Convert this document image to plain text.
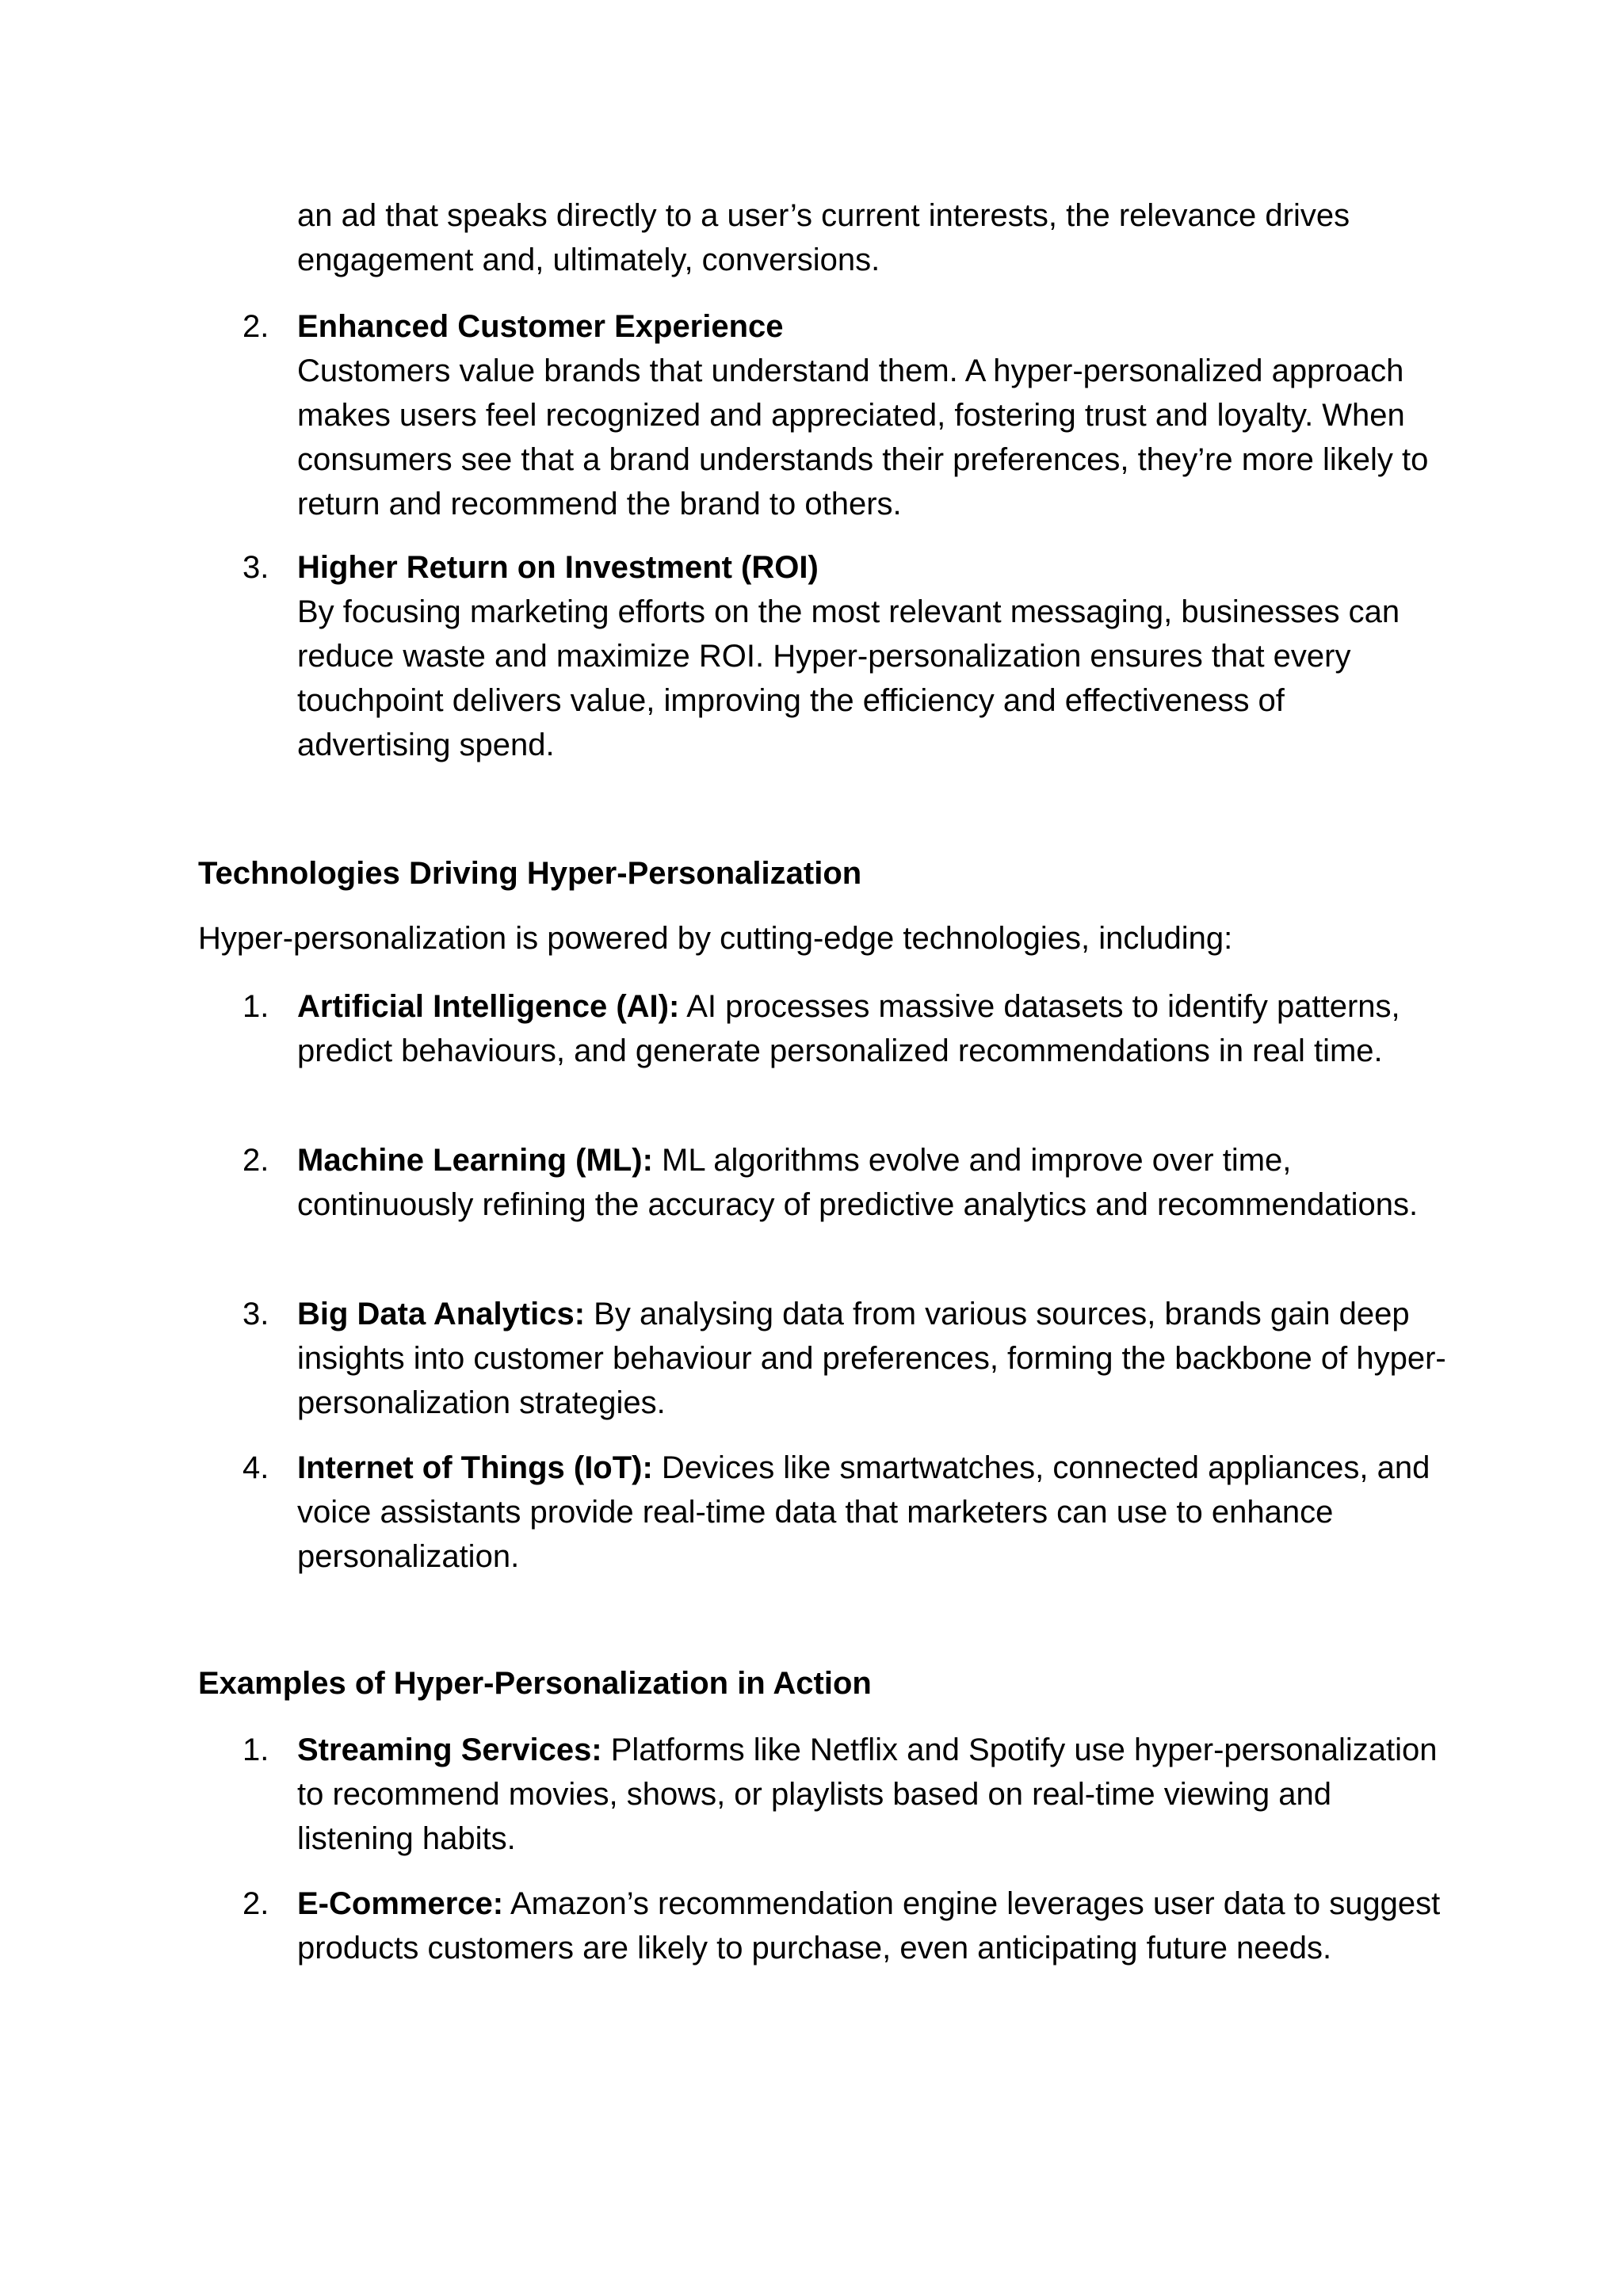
an ad that speaks directly to a user’s current interests, the relevance drives engagement and, ultimately, conversions.
2. Enhanced Customer Experience
Customers value brands that understand them. A hyper-personalized approach makes users feel recognized and appreciated, fostering trust and loyalty. When consumers see that a brand understands their preferences, they’re more likely to return and recommend the brand to others.
3. Higher Return on Investment (ROI)
By focusing marketing efforts on the most relevant messaging, businesses can reduce waste and maximize ROI. Hyper-personalization ensures that every touchpoint delivers value, improving the efficiency and effectiveness of advertising spend.
Technologies Driving Hyper-Personalization

Hyper-personalization is powered by cutting-edge technologies, including:

1. Artificial Intelligence (AI): AI processes massive datasets to identify patterns, predict behaviours, and generate personalized recommendations in real time.
2. Machine Learning (ML): ML algorithms evolve and improve over time, continuously refining the accuracy of predictive analytics and recommendations.
3. Big Data Analytics: By analysing data from various sources, brands gain deep insights into customer behaviour and preferences, forming the backbone of hyper-personalization strategies.
4. Internet of Things (IoT): Devices like smartwatches, connected appliances, and voice assistants provide real-time data that marketers can use to enhance personalization.
Examples of Hyper-Personalization in Action
1. Streaming Services: Platforms like Netflix and Spotify use hyper-personalization to recommend movies, shows, or playlists based on real-time viewing and listening habits.
2. E-Commerce: Amazon’s recommendation engine leverages user data to suggest products customers are likely to purchase, even anticipating future needs.
